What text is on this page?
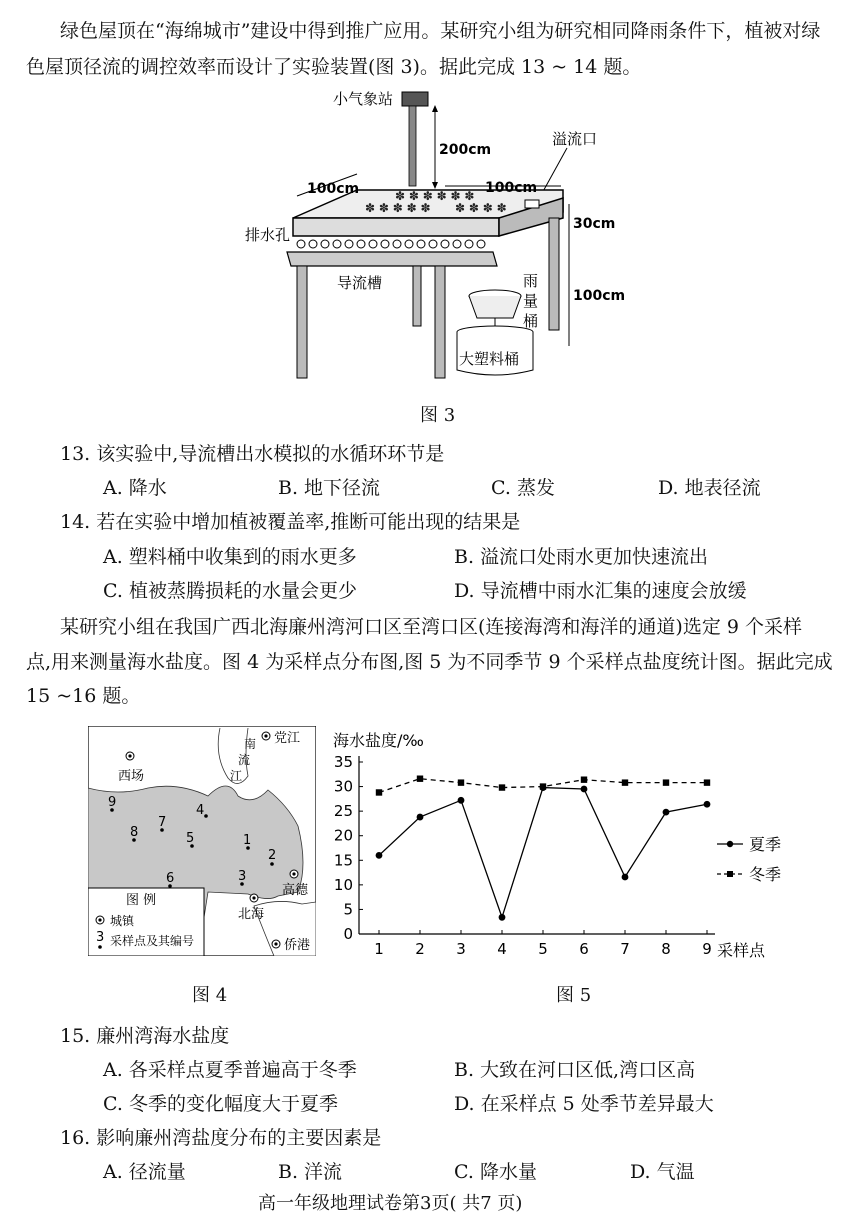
绿色屋顶在“海绵城市”建设中得到推广应用。某研究小组为研究相同降雨条件下，植被对绿
色屋顶径流的调控效率而设计了实验装置(图 3)。据此完成 13 ~ 14 题。
小气象站
200cm
溢流口
✽ ✽ ✽ ✽ ✽
✽ ✽ ✽ ✽ ✽ ✽
✽ ✽ ✽ ✽
100cm	100cm
30cm
排水孔
导流槽	雨
量
桶
大塑料桶
100cm
图 3
13. 该实验中,导流槽出水模拟的水循环环节是
A. 降水	B. 地下径流	C. 蒸发	D. 地表径流
14. 若在实验中增加植被覆盖率,推断可能出现的结果是
A. 塑料桶中收集到的雨水更多	B. 溢流口处雨水更加快速流出
C. 植被蒸腾损耗的水量会更少	D. 导流槽中雨水汇集的速度会放缓
某研究小组在我国广西北海廉州湾河口区至湾口区(连接海湾和海洋的通道)选定 9 个采样
点,用来测量海水盐度。图 4 为采样点分布图,图 5 为不同季节 9 个采样点盐度统计图。据此完成
15 ~16 题。
党江
西场
高德
北海
侨港
南
流
江
1
2
3
4
5
6
7
8
9
图 例
城镇
3 采样点及其编号
图 4
海水盐度/‰
采样点
0
5
10
15
20
25
30
35
1 2 3 4 5 6 7 8 9
夏季
冬季
图 5
15. 廉州湾海水盐度
A. 各采样点夏季普遍高于冬季	B. 大致在河口区低,湾口区高
C. 冬季的变化幅度大于夏季	D. 在采样点 5 处季节差异最大
16. 影响廉州湾盐度分布的主要因素是
A. 径流量	B. 洋流	C. 降水量	D. 气温
高一年级地理试卷第3页( 共7 页)
